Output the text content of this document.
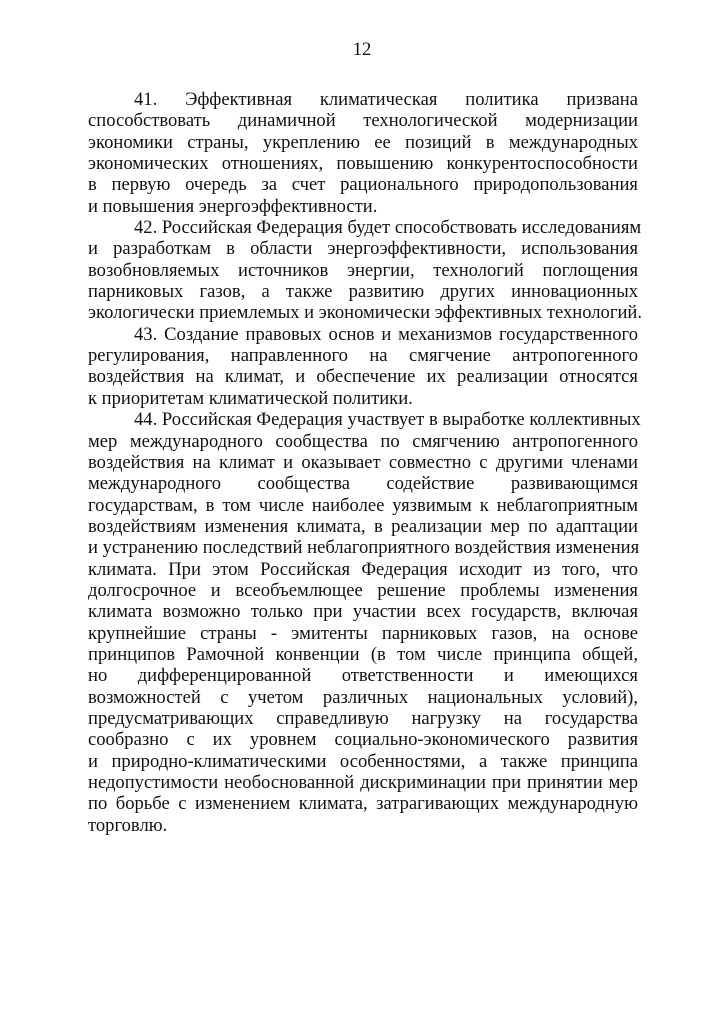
12
41. Эффективная климатическая политика призвана
способствовать динамичной технологической модернизации
экономики страны, укреплению ее позиций в международных
экономических отношениях, повышению конкурентоспособности
в первую очередь за счет рационального природопользования
и повышения энергоэффективности.
42. Российская Федерация будет способствовать исследованиям
и разработкам в области энергоэффективности, использования
возобновляемых источников энергии, технологий поглощения
парниковых газов, а также развитию других инновационных
экологически приемлемых и экономически эффективных технологий.
43. Создание правовых основ и механизмов государственного
регулирования, направленного на смягчение антропогенного
воздействия на климат, и обеспечение их реализации относятся
к приоритетам климатической политики.
44. Российская Федерация участвует в выработке коллективных
мер международного сообщества по смягчению антропогенного
воздействия на климат и оказывает совместно с другими членами
международного сообщества содействие развивающимся
государствам, в том числе наиболее уязвимым к неблагоприятным
воздействиям изменения климата, в реализации мер по адаптации
и устранению последствий неблагоприятного воздействия изменения
климата. При этом Российская Федерация исходит из того, что
долгосрочное и всеобъемлющее решение проблемы изменения
климата возможно только при участии всех государств, включая
крупнейшие страны - эмитенты парниковых газов, на основе
принципов Рамочной конвенции (в том числе принципа общей,
но дифференцированной ответственности и имеющихся
возможностей с учетом различных национальных условий),
предусматривающих справедливую нагрузку на государства
сообразно с их уровнем социально-экономического развития
и природно-климатическими особенностями, а также принципа
недопустимости необоснованной дискриминации при принятии мер
по борьбе с изменением климата, затрагивающих международную
торговлю.
